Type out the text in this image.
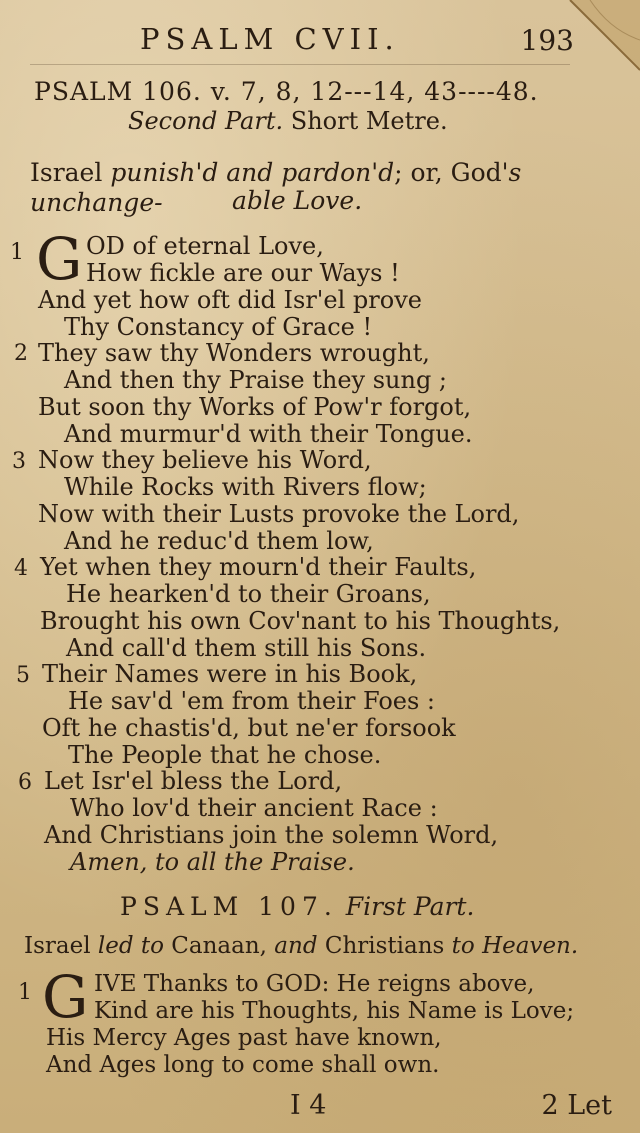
PSALM CVII.	193
PSALM 106. v. 7, 8, 12---14, 43----48.
Second Part. Short Metre.
Israel punish'd and pardon'd; or, God's unchange-	able Love.
1 G OD of eternal Love,
How fickle are our Ways !
And yet how oft did Isr'el prove
Thy Constancy of Grace !
2 They saw thy Wonders wrought,
And then thy Praise they sung ;
But soon thy Works of Pow'r forgot,
And murmur'd with their Tongue.
3 Now they believe his Word,
While Rocks with Rivers flow;
Now with their Lusts provoke the Lord,
And he reduc'd them low,
4 Yet when they mourn'd their Faults,
He hearken'd to their Groans,
Brought his own Cov'nant to his Thoughts,
And call'd them still his Sons.
5 Their Names were in his Book,
He sav'd 'em from their Foes :
Oft he chastis'd, but ne'er forsook
The People that he chose.
6 Let Isr'el bless the Lord,
Who lov'd their ancient Race :
And Christians join the solemn Word,
Amen, to all the Praise.
PSALM 107. First Part.
Israel led to Canaan, and Christians to Heaven.
1 G IVE Thanks to GOD: He reigns above,
Kind are his Thoughts, his Name is Love;
His Mercy Ages past have known,
And Ages long to come shall own.
I 4	2 Let
